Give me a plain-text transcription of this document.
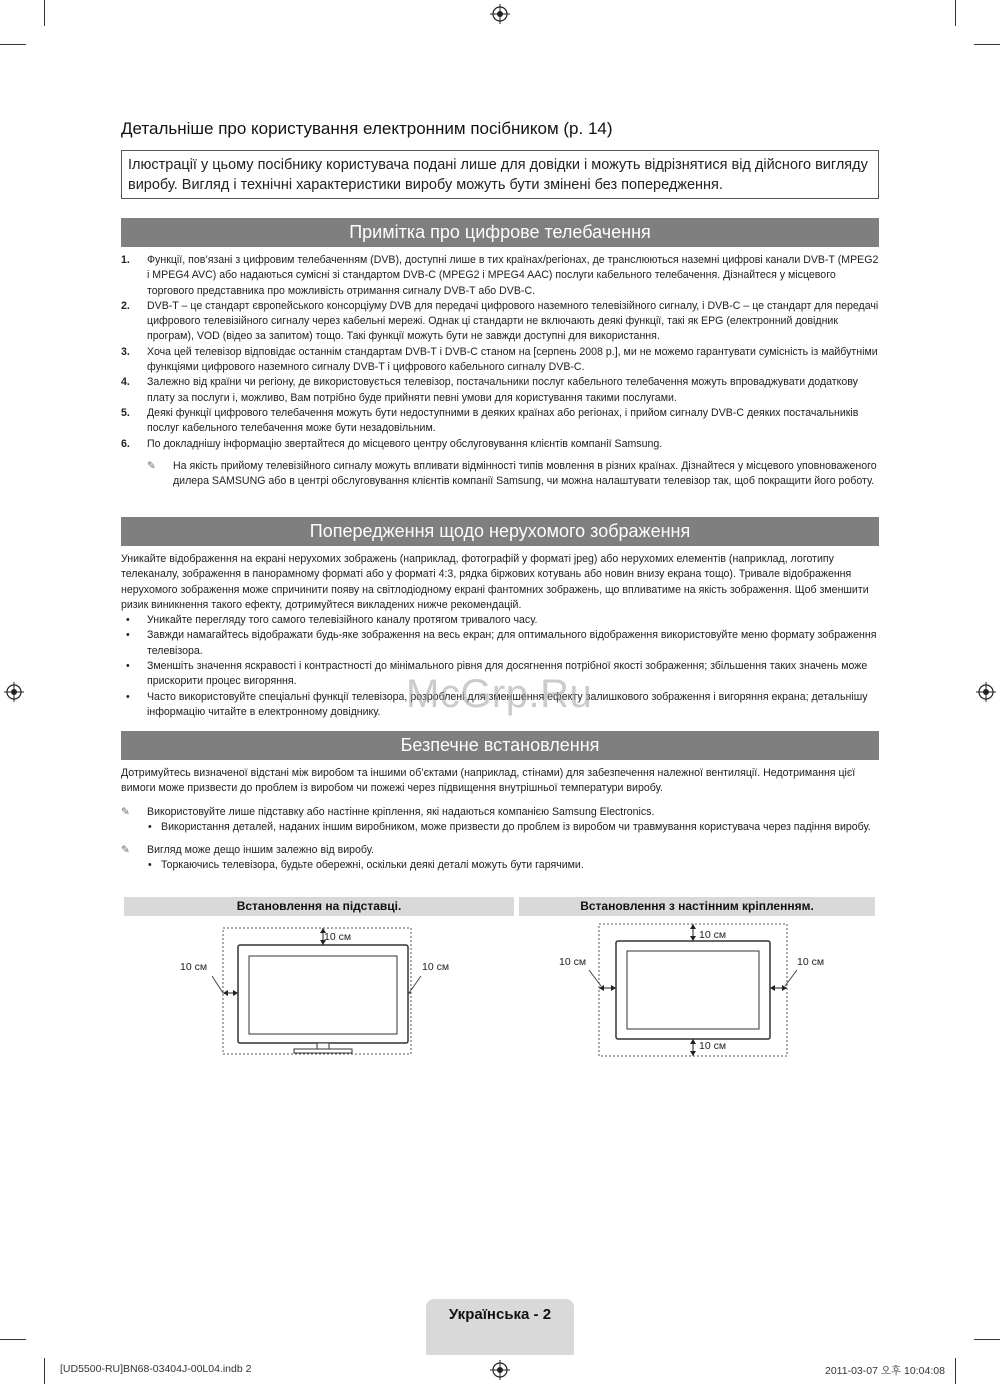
Детальніше про користування електронним посібником (р. 14)
Ілюстрації у цьому посібнику користувача подані лише для довідки і можуть відрізнятися від дійсного вигляду виробу. Вигляд і технічні характеристики виробу можуть бути змінені без попередження.
Примітка про цифрове телебачення
1. Функції, пов’язані з цифровим телебаченням (DVB), доступні лише в тих країнах/регіонах, де транслюються наземні цифрові канали DVB-T (MPEG2 і MPEG4 AVC) або надаються сумісні зі стандартом DVB-C (MPEG2 і MPEG4 AAC) послуги кабельного телебачення. Дізнайтеся у місцевого торгового представника про можливість отримання сигналу DVB-T або DVB-C.
2. DVB-T – це стандарт європейського консорціуму DVB для передачі цифрового наземного телевізійного сигналу, і DVB-C – це стандарт для передачі цифрового телевізійного сигналу через кабельні мережі. Однак ці стандарти не включають деякі функції, такі як EPG (електронний довідник програм), VOD (відео за запитом) тощо. Такі функції можуть бути не завжди доступні для використання.
3. Хоча цей телевізор відповідає останнім стандартам DVB-T і DVB-C станом на [серпень 2008 р.], ми не можемо гарантувати сумісність із майбутніми функціями цифрового наземного сигналу DVB-T і цифрового кабельного сигналу DVB-C.
4. Залежно від країни чи регіону, де використовується телевізор, постачальники послуг кабельного телебачення можуть впроваджувати додаткову плату за послуги і, можливо, Вам потрібно буде прийняти певні умови для користування такими послугами.
5. Деякі функції цифрового телебачення можуть бути недоступними в деяких країнах або регіонах, і прийом сигналу DVB-C деяких постачальників послуг кабельного телебачення може бути незадовільним.
6. По докладнішу інформацію звертайтеся до місцевого центру обслуговування клієнтів компанії Samsung.
✎ На якість прийому телевізійного сигналу можуть впливати відмінності типів мовлення в різних країнах. Дізнайтеся у місцевого уповноваженого дилера SAMSUNG або в центрі обслуговування клієнтів компанії Samsung, чи можна налаштувати телевізор так, щоб покращити його роботу.
Попередження щодо нерухомого зображення
Уникайте відображення на екрані нерухомих зображень (наприклад, фотографій у форматі jpeg) або нерухомих елементів (наприклад, логотипу телеканалу, зображення в панорамному форматі або у форматі 4:3, рядка біржових котувань або новин внизу екрана тощо). Тривале відображення нерухомого зображення може спричинити появу на світлодіодному екрані фантомних зображень, що впливатиме на якість зображення. Щоб зменшити ризик виникнення такого ефекту, дотримуйтеся викладених нижче рекомендацій.
• Уникайте перегляду того самого телевізійного каналу протягом тривалого часу.
• Завжди намагайтесь відображати будь-яке зображення на весь екран; для оптимального відображення використовуйте меню формату зображення телевізора.
• Зменшіть значення яскравості і контрастності до мінімального рівня для досягнення потрібної якості зображення; збільшення таких значень може прискорити процес вигоряння.
• Часто використовуйте спеціальні функції телевізора, розроблені для зменшення ефекту залишкового зображення і вигоряння екрана; детальнішу інформацію читайте в електронному довіднику. McGrp.Ru
Безпечне встановлення
Дотримуйтесь визначеної відстані між виробом та іншими об’єктами (наприклад, стінами) для забезпечення належної вентиляції. Недотримання цієї вимоги може призвести до проблем із виробом чи пожежі через підвищення внутрішньої температури виробу.
✎ Використовуйте лише підставку або настінне кріплення, які надаються компанією Samsung Electronics.
• Використання деталей, наданих іншим виробником, може призвести до проблем із виробом чи травмування користувача через падіння виробу.
✎ Вигляд може дещо іншим залежно від виробу.
• Торкаючись телевізора, будьте обережні, оскільки деякі деталі можуть бути гарячими.
Встановлення на підставці.	Встановлення з настінним кріпленням.
10 см
10 см	10 см
10 см
10 см	10 см
10 см
Українська - 2
[UD5500-RU]BN68-03404J-00L04.indb 2	2011-03-07 오후 10:04:08
